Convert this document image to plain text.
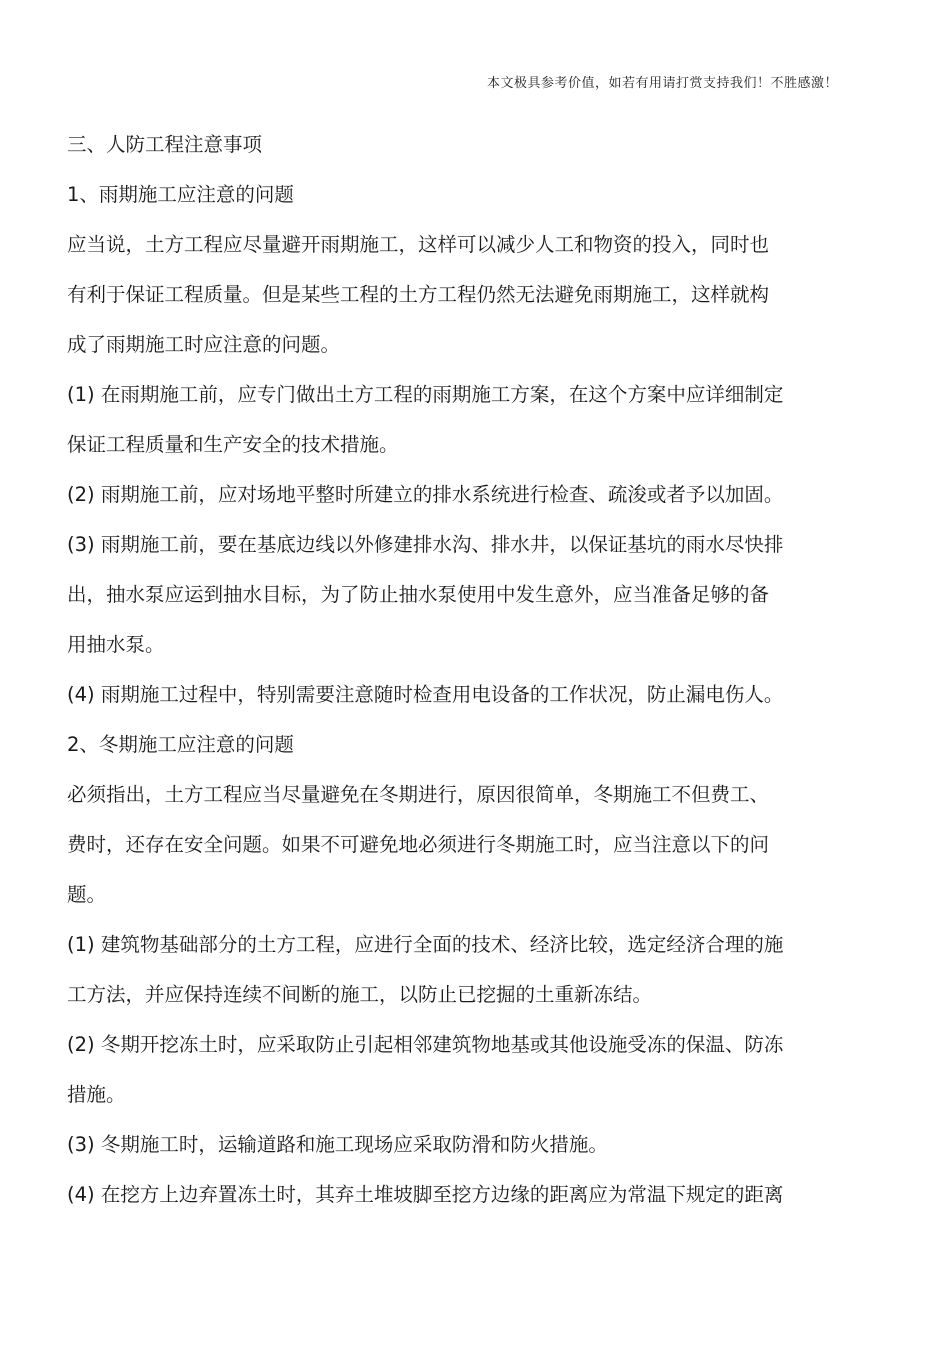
本文极具参考价值，如若有用请打赏支持我们！不胜感激！
三、人防工程注意事项
1、雨期施工应注意的问题
应当说，土方工程应尽量避开雨期施工，这样可以减少人工和物资的投入，同时也
有利于保证工程质量。但是某些工程的土方工程仍然无法避免雨期施工，这样就构
成了雨期施工时应注意的问题。
(1) 在雨期施工前，应专门做出土方工程的雨期施工方案，在这个方案中应详细制定
保证工程质量和生产安全的技术措施。
(2) 雨期施工前，应对场地平整时所建立的排水系统进行检查、疏浚或者予以加固。
(3) 雨期施工前，要在基底边线以外修建排水沟、排水井，以保证基坑的雨水尽快排
出，抽水泵应运到抽水目标，为了防止抽水泵使用中发生意外，应当准备足够的备
用抽水泵。
(4) 雨期施工过程中，特别需要注意随时检查用电设备的工作状况，防止漏电伤人。
2、冬期施工应注意的问题
必须指出，土方工程应当尽量避免在冬期进行，原因很简单，冬期施工不但费工、
费时，还存在安全问题。如果不可避免地必须进行冬期施工时，应当注意以下的问
题。
(1) 建筑物基础部分的土方工程，应进行全面的技术、经济比较，选定经济合理的施
工方法，并应保持连续不间断的施工，以防止已挖掘的土重新冻结。
(2) 冬期开挖冻土时，应采取防止引起相邻建筑物地基或其他设施受冻的保温、防冻
措施。
(3) 冬期施工时，运输道路和施工现场应采取防滑和防火措施。
(4) 在挖方上边弃置冻土时，其弃土堆坡脚至挖方边缘的距离应为常温下规定的距离
